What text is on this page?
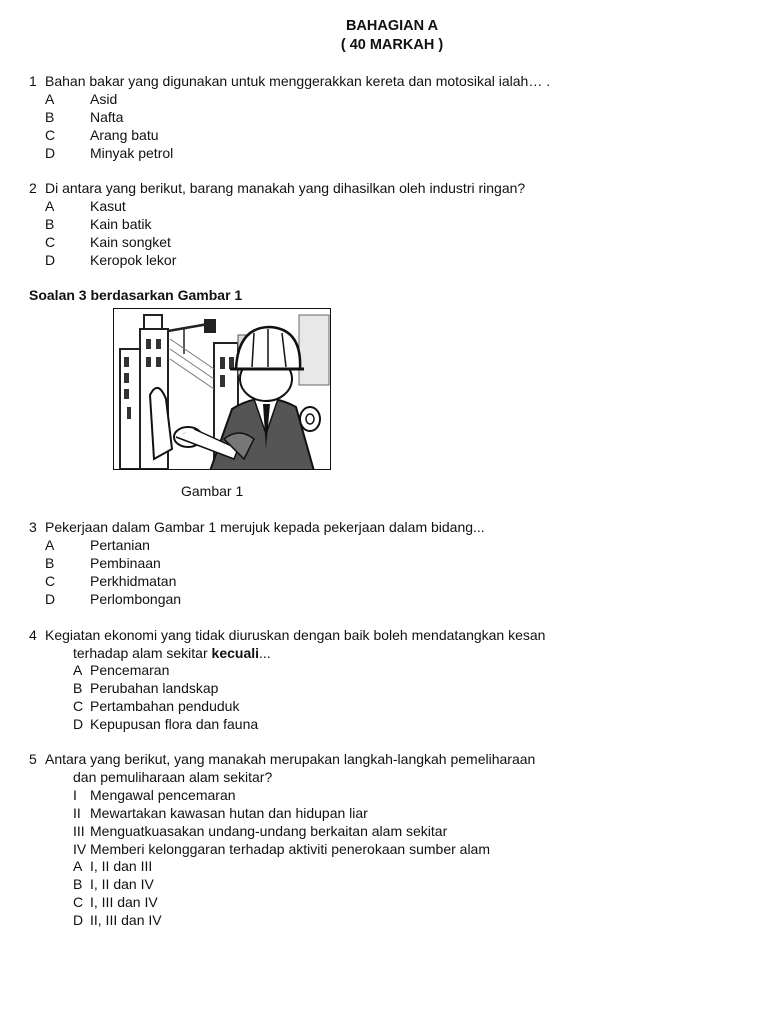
BAHAGIAN A
( 40 MARKAH )
1 Bahan bakar yang digunakan untuk menggerakkan kereta dan motosikal ialah… .
A	Asid
B	Nafta
C Arang batu
D Minyak petrol
2 Di antara yang berikut, barang manakah yang dihasilkan oleh industri ringan?
A	Kasut
B	Kain batik
C Kain songket
D Keropok lekor
Soalan 3 berdasarkan Gambar 1
Gambar 1
3 Pekerjaan dalam Gambar 1 merujuk kepada pekerjaan dalam bidang...
A	Pertanian
B	Pembinaan
C Perkhidmatan
D Perlombongan
4 Kegiatan ekonomi yang tidak diuruskan dengan baik boleh mendatangkan kesan
terhadap alam sekitar kecuali...
A Pencemaran
B Perubahan landskap
C Pertambahan penduduk
D Kepupusan flora dan fauna
5 Antara yang berikut, yang manakah merupakan langkah-langkah pemeliharaan
dan pemuliharaan alam sekitar?
I Mengawal pencemaran
II Mewartakan kawasan hutan dan hidupan liar
III Menguatkuasakan undang-undang berkaitan alam sekitar
IV Memberi kelonggaran terhadap aktiviti penerokaan sumber alam
A I, II dan III
B I, II dan IV
C I, III dan IV
D II, III dan IV
